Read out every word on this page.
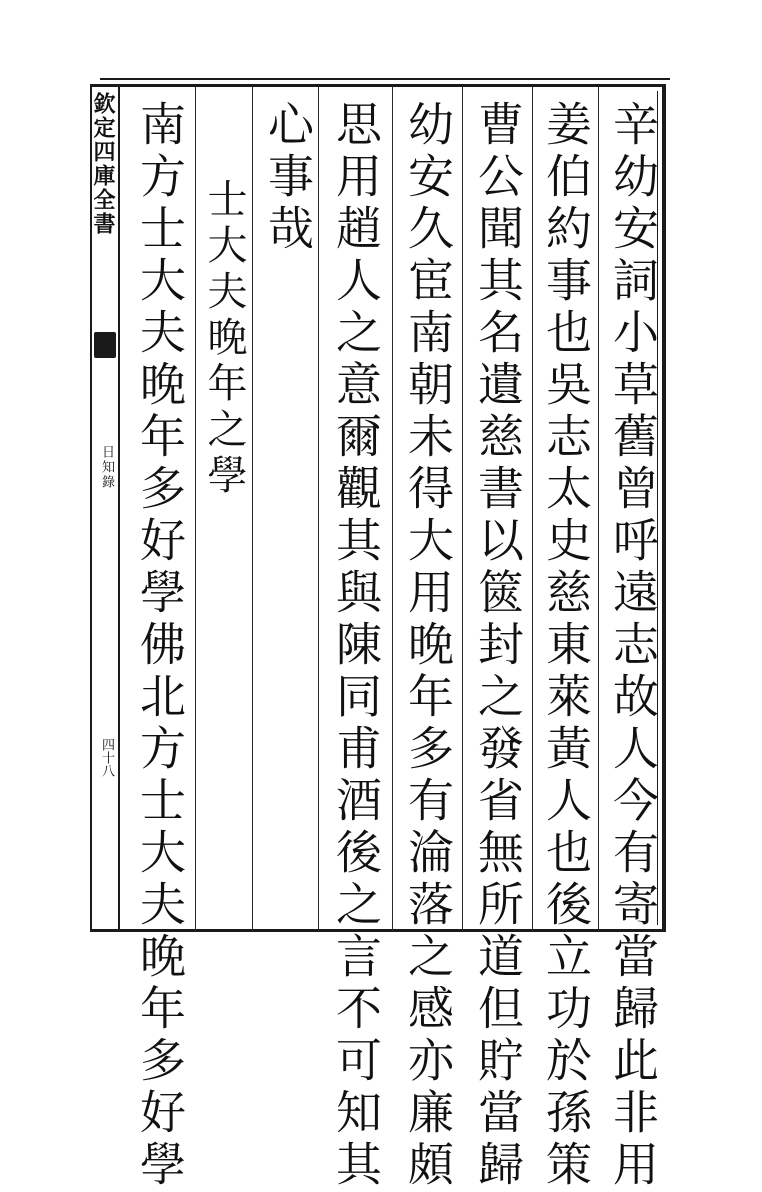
欽定四庫全書
日知錄
四十八	辛幼安詞小草舊曾呼遠志故人今有寄當歸此非用
姜伯約事也吳志太史慈東萊黃人也後立功於孫策
曹公聞其名遺慈書以篋封之發省無所道但貯當歸
幼安久宦南朝未得大用晚年多有淪落之感亦廉頗
思用趙人之意爾觀其與陳同甫酒後之言不可知其
心事哉
士大夫晚年之學
南方士大夫晚年多好學佛北方士大夫晚年多好學
